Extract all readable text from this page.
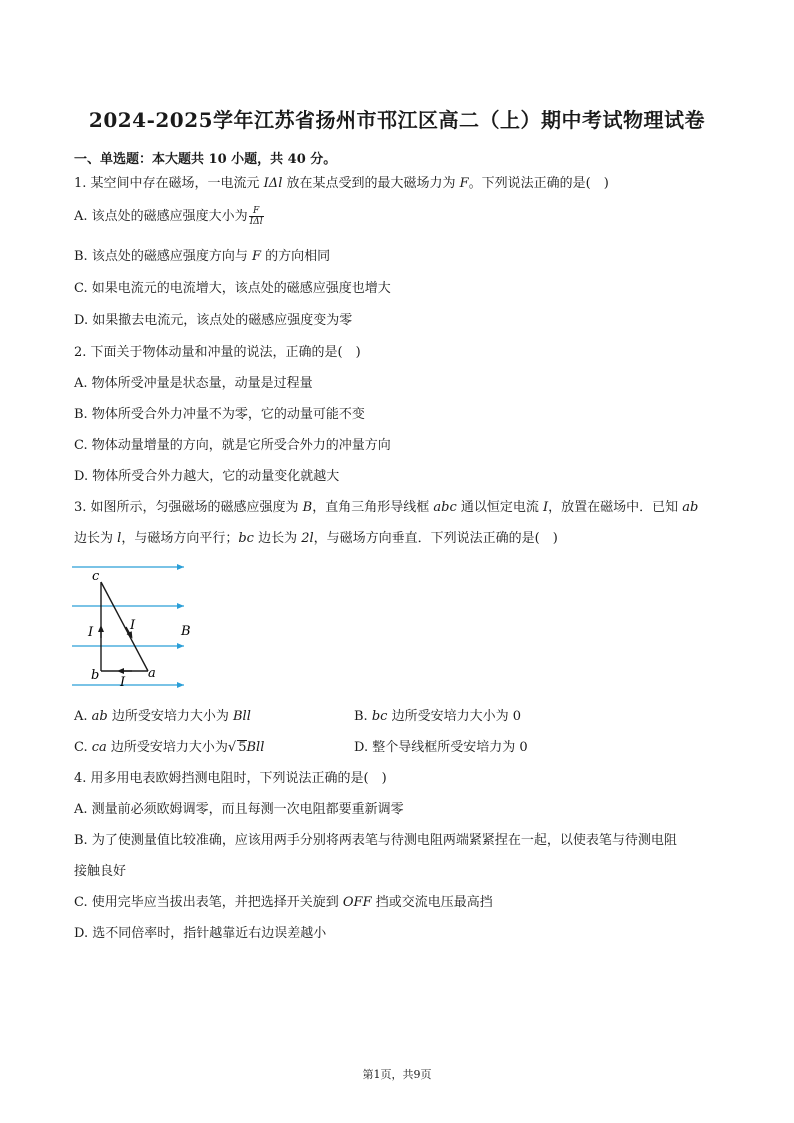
2024-2025学年江苏省扬州市邗江区高二（上）期中考试物理试卷
一、单选题：本大题共 10 小题，共 40 分。
1. 某空间中存在磁场，一电流元 IΔl 放在某点受到的最大磁场力为 F。下列说法正确的是(　)
A. 该点处的磁感应强度大小为 $\frac{F}{\text{IΔl}}$
B. 该点处的磁感应强度方向与 F 的方向相同
C. 如果电流元的电流增大，该点处的磁感应强度也增大
D. 如果撤去电流元，该点处的磁感应强度变为零
2. 下面关于物体动量和冲量的说法，正确的是(　)
A. 物体所受冲量是状态量，动量是过程量
B. 物体所受合外力冲量不为零，它的动量可能不变
C. 物体动量增量的方向，就是它所受合外力的冲量方向
D. 物体所受合外力越大，它的动量变化就越大
3. 如图所示，匀强磁场的磁感应强度为 B，直角三角形导线框 abc 通以恒定电流 I，放置在磁场中．已知 ab
边长为 l，与磁场方向平行；bc 边长为 2l，与磁场方向垂直．下列说法正确的是(　)
c
b	a
I	I
I
B
A. ab 边所受安培力大小为 Bll	B. bc 边所受安培力大小为 0
C. ca 边所受安培力大小为√ 5Bll	D. 整个导线框所受安培力为 0
4. 用多用电表欧姆挡测电阻时，下列说法正确的是(　)
A. 测量前必须欧姆调零，而且每测一次电阻都要重新调零
B. 为了使测量值比较准确，应该用两手分别将两表笔与待测电阻两端紧紧捏在一起，以使表笔与待测电阻
接触良好
C. 使用完毕应当拔出表笔，并把选择开关旋到 OFF 挡或交流电压最高挡
D. 选不同倍率时，指针越靠近右边误差越小
第1页，共9页
